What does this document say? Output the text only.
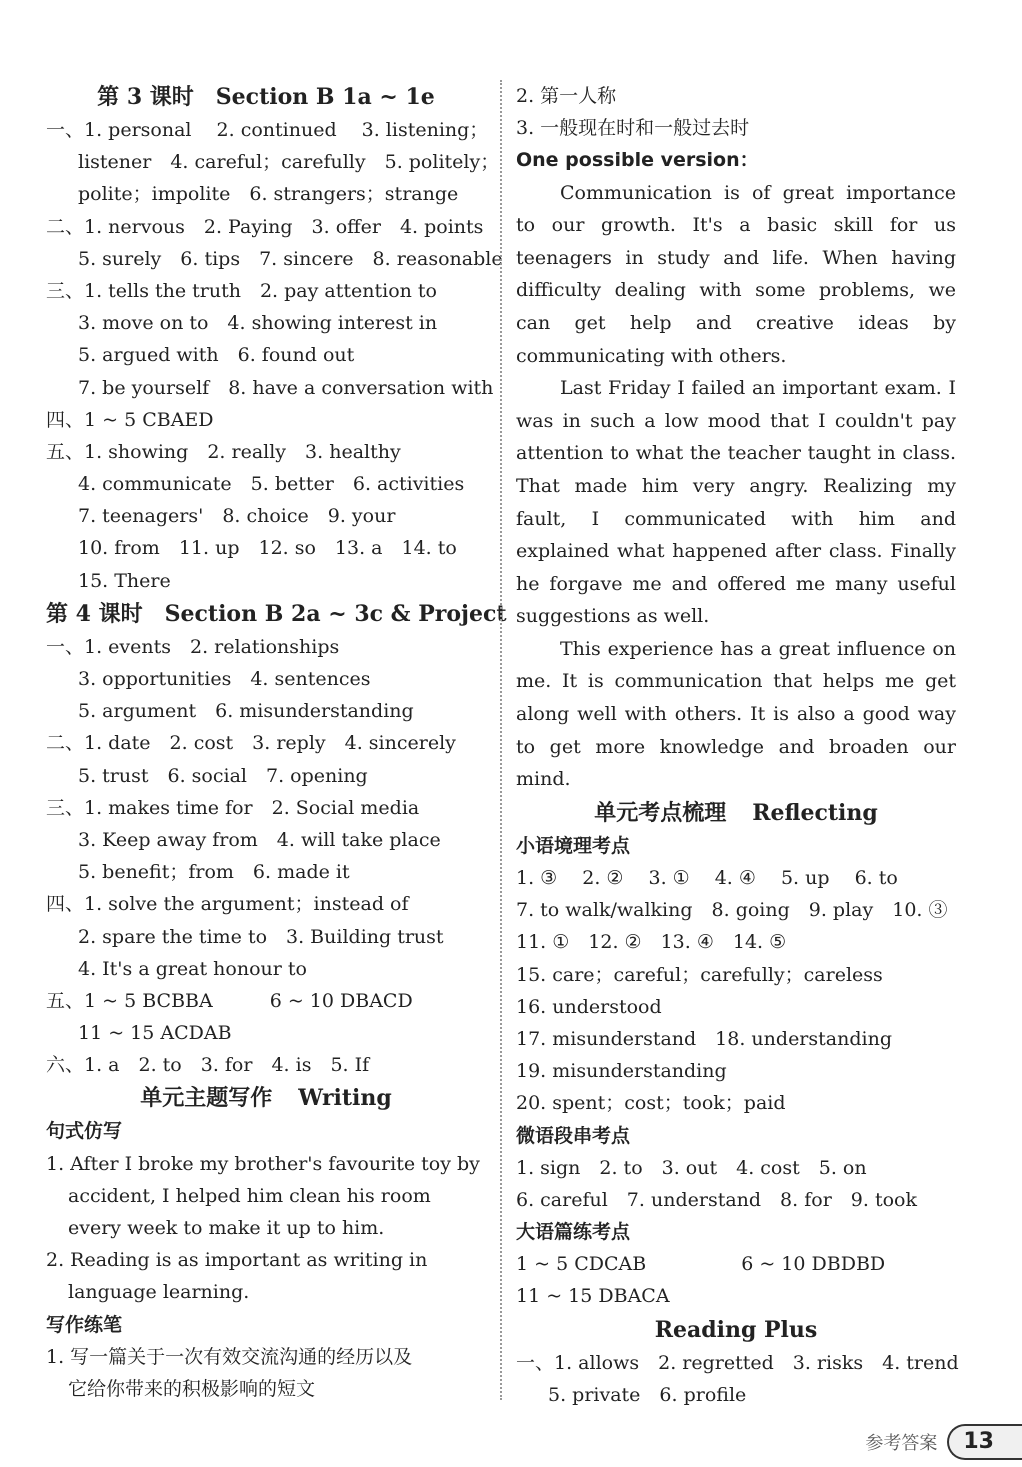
第 3 课时　Section B 1a ~ 1e
一、1. personal　 2. continued　 3. listening；
listener　4. careful；carefully　5. politely；
polite；impolite　6. strangers；strange
二、1. nervous　2. Paying　3. offer　4. points
5. surely　6. tips　7. sincere　8. reasonable
三、1. tells the truth　2. pay attention to
3. move on to　4. showing interest in
5. argued with　6. found out
7. be yourself　8. have a conversation with
四、1 ~ 5 CBAED
五、1. showing　2. really　3. healthy
4. communicate　5. better　6. activities
7. teenagers'　8. choice　9. your
10. from　11. up　12. so　13. a　14. to
15. There
第 4 课时　Section B 2a ~ 3c & Project
一、1. events　2. relationships
3. opportunities　4. sentences
5. argument　6. misunderstanding
二、1. date　2. cost　3. reply　4. sincerely
5. trust　6. social　7. opening
三、1. makes time for　2. Social media
3. Keep away from　4. will take place
5. benefit；from　6. made it
四、1. solve the argument；instead of
2. spare the time to　3. Building trust
4. It's a great honour to
五、1 ~ 5 BCBBA　　　6 ~ 10 DBACD
11 ~ 15 ACDAB
六、1. a　2. to　3. for　4. is　5. If
单元主题写作 Writing
句式仿写
1. After I broke my brother's favourite toy by
accident, I helped him clean his room
every week to make it up to him.
2. Reading is as important as writing in
language learning.
写作练笔
1. 写一篇关于一次有效交流沟通的经历以及
它给你带来的积极影响的短文
2. 第一人称
3. 一般现在时和一般过去时
One possible version：
Communication is of great importance to our growth. It's a basic skill for us teenagers in study and life. When having difficulty dealing with some problems, we can get help and creative ideas by communicating with others.
Last Friday I failed an important exam. I was in such a low mood that I couldn't pay attention to what the teacher taught in class. That made him very angry. Realizing my fault, I communicated with him and explained what happened after class. Finally he forgave me and offered me many useful suggestions as well.
This experience has a great influence on me. It is communication that helps me get along well with others. It is also a good way to get more knowledge and broaden our mind.
单元考点梳理 Reflecting
小语境理考点
1. ③　 2. ②　 3. ①　 4. ④　 5. up　 6. to
7. to walk/walking　8. going　9. play　10. ③
11. ①　12. ②　13. ④　14. ⑤
15. care；careful；carefully；careless
16. understood
17. misunderstand　18. understanding
19. misunderstanding
20. spent；cost；took；paid
微语段串考点
1. sign　2. to　3. out　4. cost　5. on
6. careful　7. understand　8. for　9. took
大语篇练考点
1 ~ 5 CDCAB　　　　　6 ~ 10 DBDBD
11 ~ 15 DBACA
Reading Plus
一、1. allows　2. regretted　3. risks　4. trend
5. private　6. profile
参考答案	13
